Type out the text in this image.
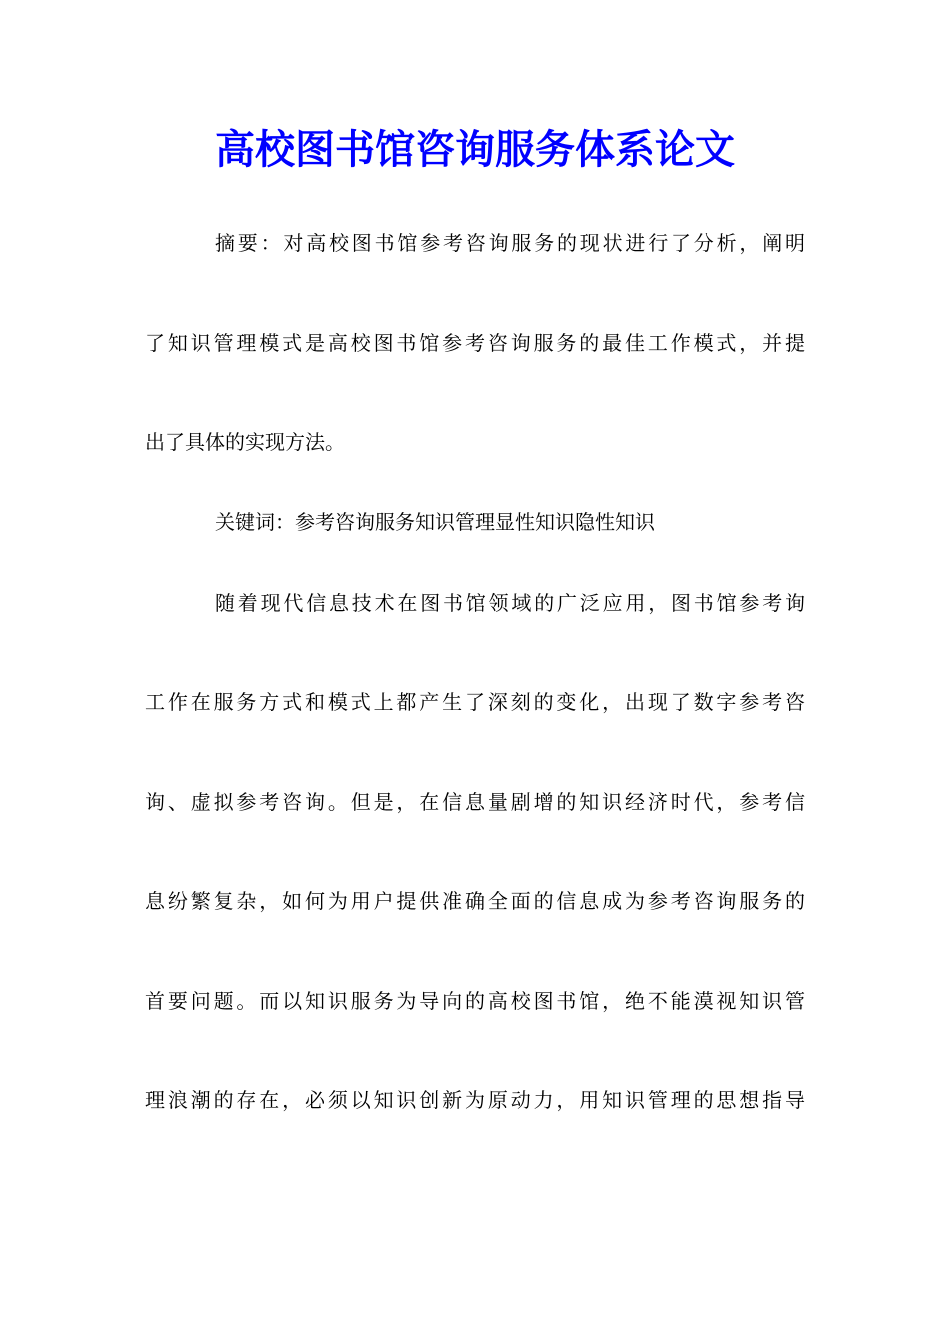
高校图书馆咨询服务体系论文
摘要：对高校图书馆参考咨询服务的现状进行了分析，阐明
了知识管理模式是高校图书馆参考咨询服务的最佳工作模式，并提
出了具体的实现方法。
关键词：参考咨询服务知识管理显性知识隐性知识
随着现代信息技术在图书馆领域的广泛应用，图书馆参考询
工作在服务方式和模式上都产生了深刻的变化，出现了数字参考咨
询、虚拟参考咨询。但是，在信息量剧增的知识经济时代，参考信
息纷繁复杂，如何为用户提供准确全面的信息成为参考咨询服务的
首要问题。而以知识服务为导向的高校图书馆，绝不能漠视知识管
理浪潮的存在，必须以知识创新为原动力，用知识管理的思想指导
